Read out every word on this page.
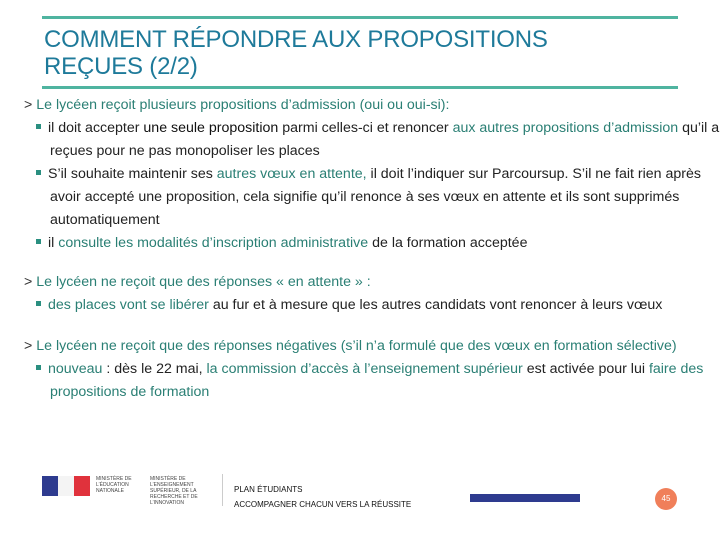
COMMENT RÉPONDRE AUX PROPOSITIONS
REÇUES (2/2)

> Le lycéen reçoit plusieurs propositions d’admission (oui ou oui-si):

il doit accepter une seule proposition parmi celles-ci et renoncer aux autres propositions d’admission qu’il a reçues pour ne pas monopoliser les places

S’il souhaite maintenir ses autres vœux en attente, il doit l’indiquer sur Parcoursup. S’il ne fait rien après avoir accepté une proposition, cela signifie qu’il renonce à ses vœux en attente et ils sont supprimés automatiquement

il consulte les modalités d’inscription administrative de la formation acceptée

> Le lycéen ne reçoit que des réponses « en attente » :

des places vont se libérer au fur et à mesure que les autres candidats vont renoncer à leurs vœux

> Le lycéen ne reçoit que des réponses négatives (s’il n’a formulé que des vœux en formation sélective)

nouveau : dès le 22 mai, la commission d’accès à l’enseignement supérieur est activée pour lui faire des propositions de formation

MINISTÈRE DE L’ÉDUCATION NATIONALE
MINISTÈRE DE L’ENSEIGNEMENT SUPÉRIEUR, DE LA RECHERCHE ET DE L’INNOVATION
PLAN ÉTUDIANTS
ACCOMPAGNER CHACUN VERS LA RÉUSSITE
45
